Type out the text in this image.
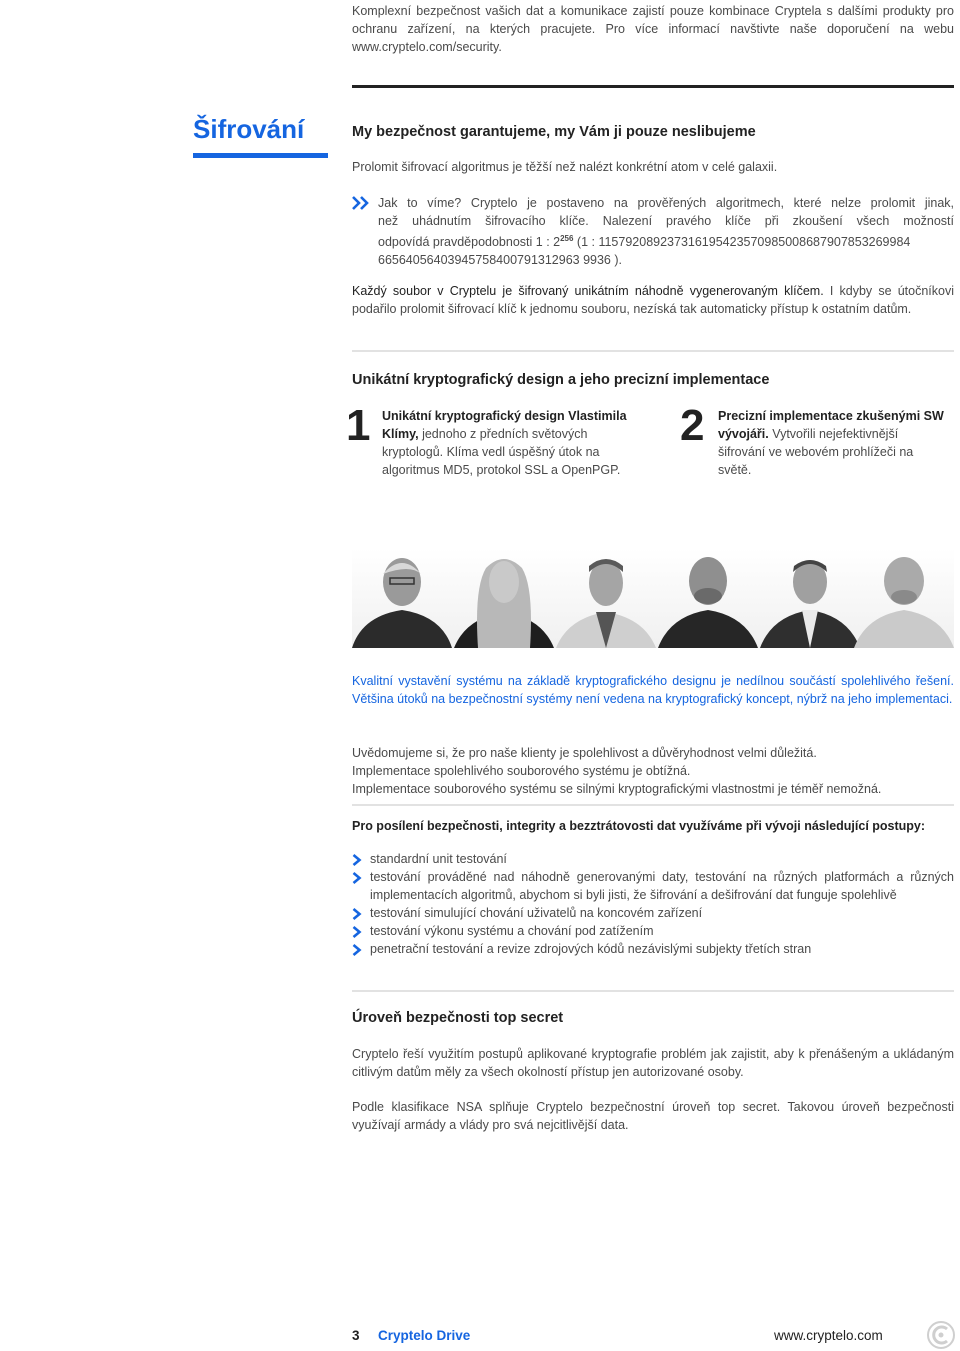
Komplexní bezpečnost vašich dat a komunikace zajistí pouze kombinace Cryptela s dalšími produkty pro ochranu zařízení, na kterých pracujete. Pro více informací navštivte naše doporučení na webu www.cryptelo.com/security.
Šifrování	My bezpečnost garantujeme, my Vám ji pouze neslibujeme
Prolomit šifrovací algoritmus je těžší než nalézt konkrétní atom v celé galaxii.
Jak to víme? Cryptelo je postaveno na prověřených algoritmech, které nelze prolomit jinak,
než uhádnutím šifrovacího klíče. Nalezení pravého klíče při zkoušení všech možností
odpovídá pravděpodobnosti 1 : $2^{256}$ (1 : 115792089237316195423570985008687907853269984
66564056403945758400791312963 9936 ).
Každý soubor v Cryptelu je šifrovaný unikátním náhodně vygenerovaným klíčem. I kdyby se útočníkovi podařilo prolomit šifrovací klíč k jednomu souboru, nezíská tak automaticky přístup k ostatním datům.
Unikátní kryptografický design a jeho precizní implementace
1 Unikátní kryptografický design Vlastimila Klímy, jednoho z předních světových kryptologů. Klíma vedl úspěšný útok na algoritmus MD5, protokol SSL a OpenPGP.
2 Precizní implementace zkušenými SW vývojáři. Vytvořili nejefektivnější šifrování ve webovém prohlížeči na světě.
Kvalitní vystavění systému na základě kryptografického designu je nedílnou součástí spolehlivého řešení. Většina útoků na bezpečnostní systémy není vedena na kryptografický koncept, nýbrž na jeho implementaci.
Uvědomujeme si, že pro naše klienty je spolehlivost a důvěryhodnost velmi důležitá.
Implementace spolehlivého souborového systému je obtížná.
Implementace souborového systému se silnými kryptografickými vlastnostmi je téměř nemožná.
Pro posílení bezpečnosti, integrity a bezztrátovosti dat využíváme při vývoji následující postupy:
standardní unit testování
testování prováděné nad náhodně generovanými daty, testování na různých platformách a různých implementacích algoritmů, abychom si byli jisti, že šifrování a dešifrování dat funguje spolehlivě
testování simulující chování uživatelů na koncovém zařízení
testování výkonu systému a chování pod zatížením
penetrační testování a revize zdrojových kódů nezávislými subjekty třetích stran
Úroveň bezpečnosti top secret
Cryptelo řeší využitím postupů aplikované kryptografie problém jak zajistit, aby k přenášeným a ukládaným citlivým datům měly za všech okolností přístup jen autorizované osoby.
Podle klasifikace NSA splňuje Cryptelo bezpečnostní úroveň top secret. Takovou úroveň bezpečnosti využívají armády a vlády pro svá nejcitlivější data.
3 Cryptelo Drive	www.cryptelo.com
